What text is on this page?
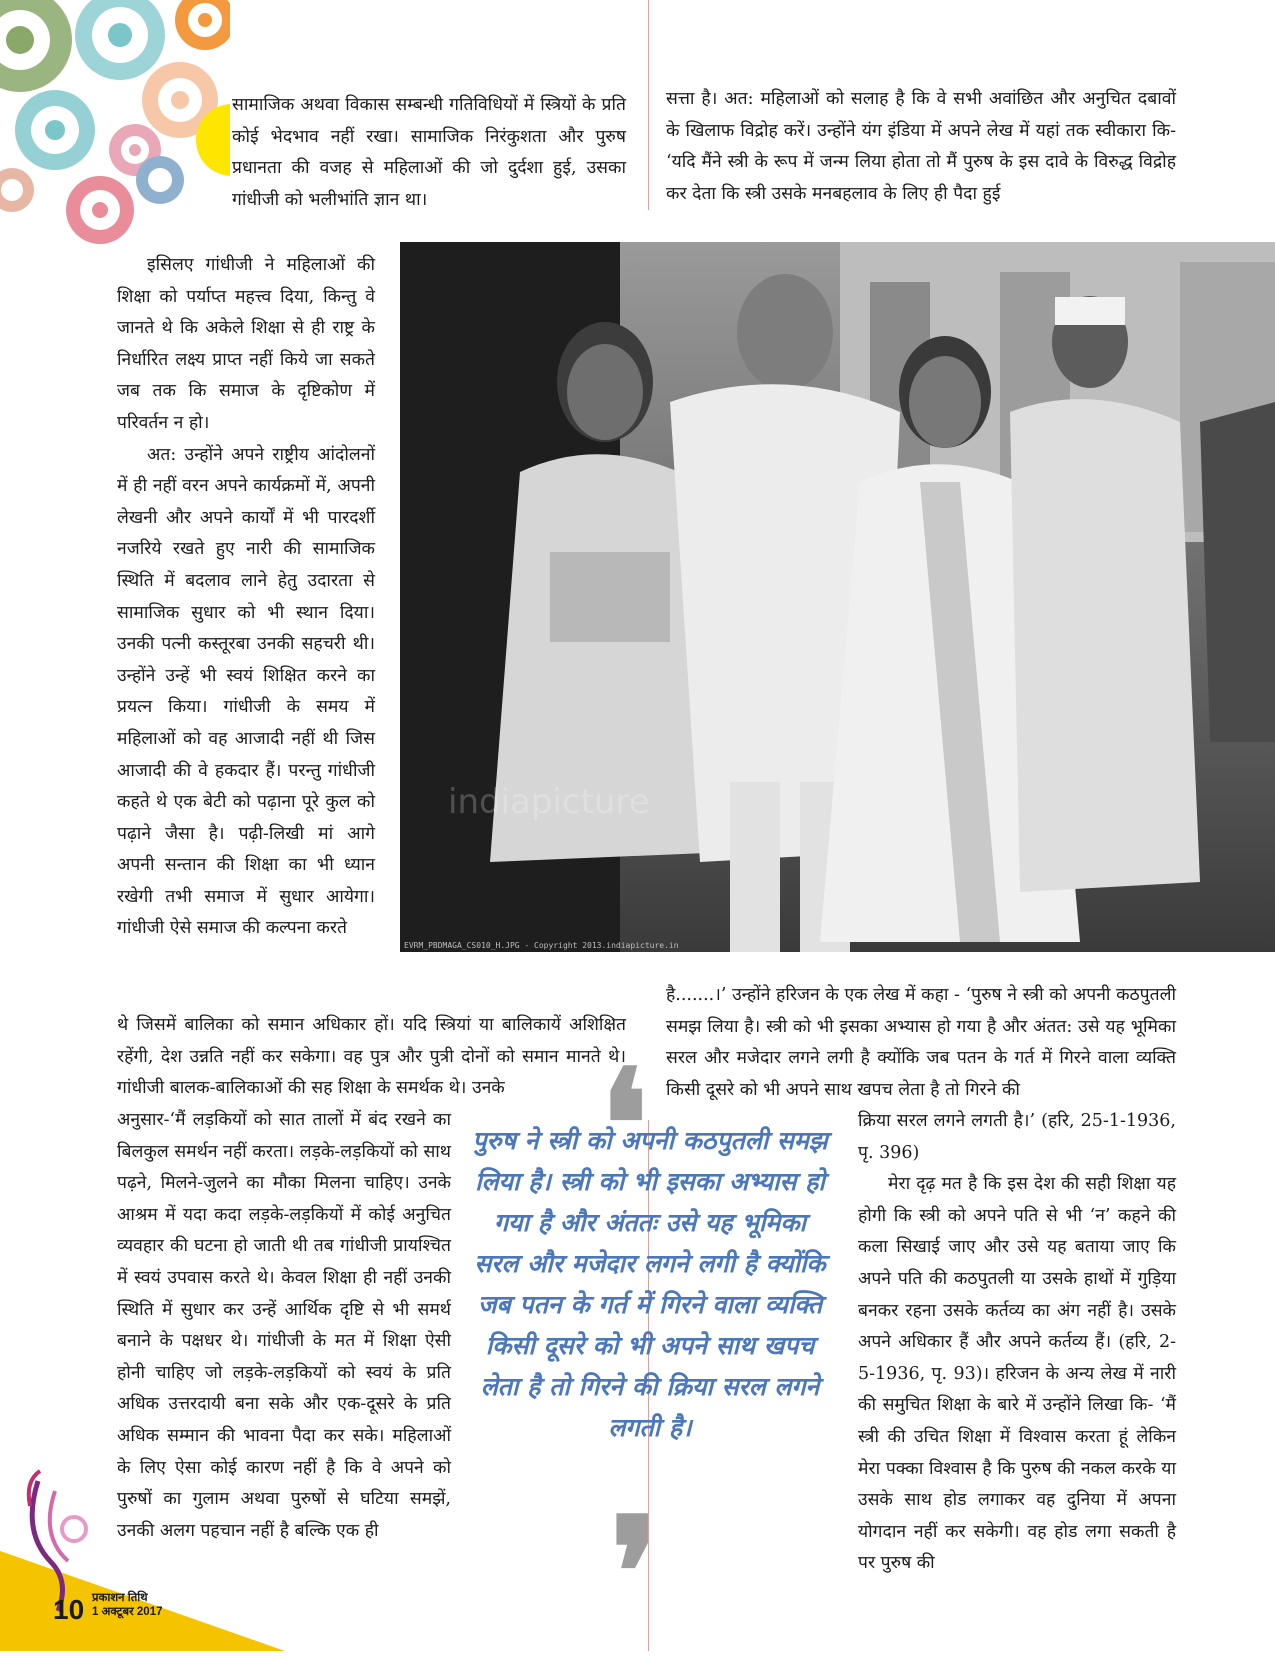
सामाजिक अथवा विकास सम्बन्धी गतिविधियों में स्त्रियों के प्रति कोई भेदभाव नहीं रखा। सामाजिक निरंकुशता और पुरुष प्रधानता की वजह से महिलाओं की जो दुर्दशा हुई, उसका गांधीजी को भलीभांति ज्ञान था।

इसिलए गांधीजी ने महिलाओं की शिक्षा को पर्याप्त महत्त्व दिया, किन्तु वे जानते थे कि अकेले शिक्षा से ही राष्ट्र के निर्धारित लक्ष्य प्राप्त नहीं किये जा सकते जब तक कि समाज के दृष्टिकोण में परिवर्तन न हो।

अत: उन्होंने अपने राष्ट्रीय आंदोलनों में ही नहीं वरन अपने कार्यक्रमों में, अपनी लेखनी और अपने कार्यों में भी पारदर्शी नजरिये रखते हुए नारी की सामाजिक स्थिति में बदलाव लाने हेतु उदारता से सामाजिक सुधार को भी स्थान दिया। उनकी पत्नी कस्तूरबा उनकी सहचरी थी। उन्होंने उन्हें भी स्वयं शिक्षित करने का प्रयत्न किया। गांधीजी के समय में महिलाओं को वह आजादी नहीं थी जिस आजादी की वे हकदार हैं। परन्तु गांधीजी कहते थे एक बेटी को पढ़ाना पूरे कुल को पढ़ाने जैसा है। पढ़ी-लिखी मां आगे अपनी सन्तान की शिक्षा का भी ध्यान रखेगी तभी समाज में सुधार आयेगा। गांधीजी ऐसे समाज की कल्पना करते

थे जिसमें बालिका को समान अधिकार हों। यदि स्त्रियां या बालिकायें अशिक्षित रहेंगी, देश उन्नति नहीं कर सकेगा। वह पुत्र और पुत्री दोनों को समान मानते थे। गांधीजी बालक-बालिकाओं की सह शिक्षा के समर्थक थे। उनके

अनुसार-‘मैं लड़कियों को सात तालों में बंद रखने का बिलकुल समर्थन नहीं करता। लड़के-लड़कियों को साथ पढ़ने, मिलने-जुलने का मौका मिलना चाहिए। उनके आश्रम में यदा कदा लड़के-लड़कियों में कोई अनुचित व्यवहार की घटना हो जाती थी तब गांधीजी प्रायश्चित में स्वयं उपवास करते थे। केवल शिक्षा ही नहीं उनकी स्थिति में सुधार कर उन्हें आर्थिक दृष्टि से भी समर्थ बनाने के पक्षधर थे। गांधीजी के मत में शिक्षा ऐसी होनी चाहिए जो लड़के-लड़कियों को स्वयं के प्रति अधिक उत्तरदायी बना सके और एक-दूसरे के प्रति अधिक सम्मान की भावना पैदा कर सके। महिलाओं के लिए ऐसा कोई कारण नहीं है कि वे अपने को पुरुषों का गुलाम अथवा पुरुषों से घटिया समझें, उनकी अलग पहचान नहीं है बल्कि एक ही

सत्ता है। अत: महिलाओं को सलाह है कि वे सभी अवांछित और अनुचित दबावों के खिलाफ विद्रोह करें। उन्होंने यंग इंडिया में अपने लेख में यहां तक स्वीकारा कि- ‘यदि मैंने स्त्री के रूप में जन्म लिया होता तो मैं पुरुष के इस दावे के विरुद्ध विद्रोह कर देता कि स्त्री उसके मनबहलाव के लिए ही पैदा हुई

है.......।’ उन्होंने हरिजन के एक लेख में कहा - ‘पुरुष ने स्त्री को अपनी कठपुतली समझ लिया है। स्त्री को भी इसका अभ्यास हो गया है और अंतत: उसे यह भूमिका सरल और मजेदार लगने लगी है क्योंकि जब पतन के गर्त में गिरने वाला व्यक्ति किसी दूसरे को भी अपने साथ खपच लेता है तो गिरने की

क्रिया सरल लगने लगती है।’ (हरि, 25-1-1936, पृ. 396)

मेरा दृढ़ मत है कि इस देश की सही शिक्षा यह होगी कि स्त्री को अपने पति से भी ‘न’ कहने की कला सिखाई जाए और उसे यह बताया जाए कि अपने पति की कठपुतली या उसके हाथों में गुड़िया बनकर रहना उसके कर्तव्य का अंग नहीं है। उसके अपने अधिकार हैं और अपने कर्तव्य हैं। (हरि, 2-5-1936, पृ. 93)। हरिजन के अन्य लेख में नारी की समुचित शिक्षा के बारे में उन्होंने लिखा कि- ‘मैं स्त्री की उचित शिक्षा में विश्वास करता हूं लेकिन मेरा पक्का विश्वास है कि पुरुष की नकल करके या उसके साथ होड लगाकर वह दुनिया में अपना योगदान नहीं कर सकेगी। वह होड लगा सकती है पर पुरुष की

indiapicture
EVRM_PBDMAGA_CS010_H.JPG - Copyright 2013.indiapicture.in
❛

पुरुष ने स्त्री को अपनी कठपुतली समझ लिया है। स्त्री को भी इसका अभ्यास हो गया है और अंततः उसे यह भूमिका सरल और मजेदार लगने लगी है क्योंकि जब पतन के गर्त में गिरने वाला व्यक्ति किसी दूसरे को भी अपने साथ खपच लेता है तो गिरने की क्रिया सरल लगने लगती है।

❜
10 प्रकाशन तिथि
1 अक्टूबर 2017
